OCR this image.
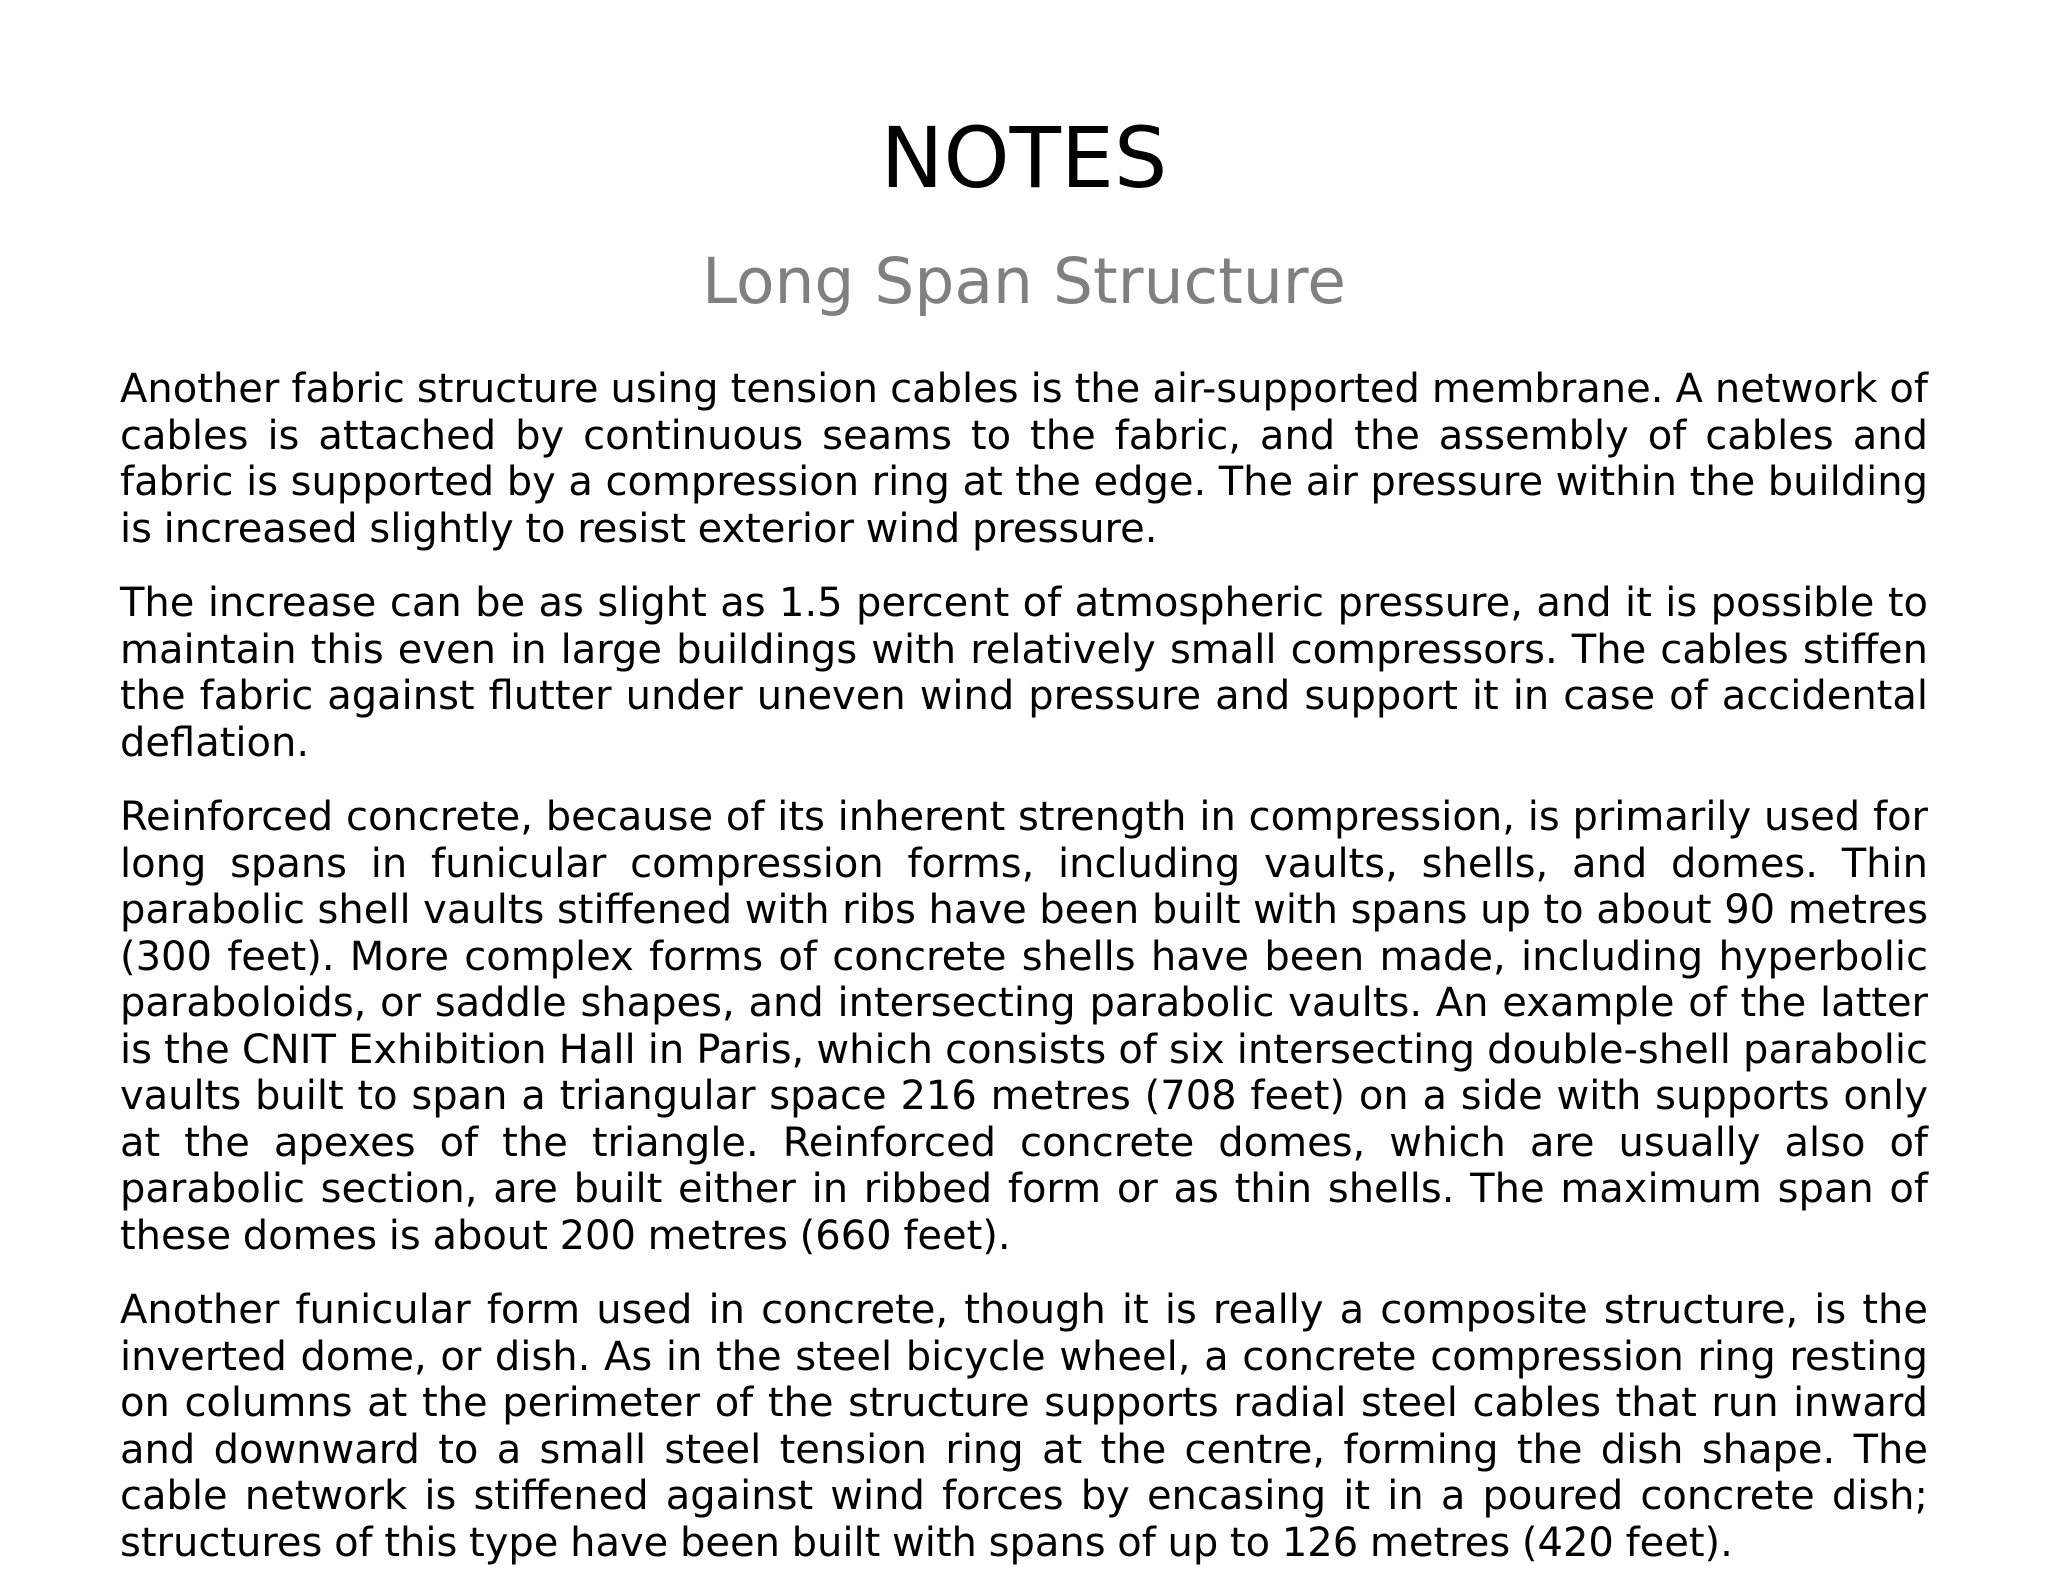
NOTES
Long Span Structure

Another fabric structure using tension cables is the air-supported membrane. A network of cables is attached by continuous seams to the fabric, and the assembly of cables and fabric is supported by a compression ring at the edge. The air pressure within the building is increased slightly to resist exterior wind pressure.

The increase can be as slight as 1.5 percent of atmospheric pressure, and it is possible to maintain this even in large buildings with relatively small compressors. The cables stiffen the fabric against flutter under uneven wind pressure and support it in case of accidental deflation.

Reinforced concrete, because of its inherent strength in compression, is primarily used for long spans in funicular compression forms, including vaults, shells, and domes. Thin parabolic shell vaults stiffened with ribs have been built with spans up to about 90 metres (300 feet). More complex forms of concrete shells have been made, including hyperbolic paraboloids, or saddle shapes, and intersecting parabolic vaults. An example of the latter is the CNIT Exhibition Hall in Paris, which consists of six intersecting double-shell parabolic vaults built to span a triangular space 216 metres (708 feet) on a side with supports only at the apexes of the triangle. Reinforced concrete domes, which are usually also of parabolic section, are built either in ribbed form or as thin shells. The maximum span of these domes is about 200 metres (660 feet).

Another funicular form used in concrete, though it is really a composite structure, is the inverted dome, or dish. As in the steel bicycle wheel, a concrete compression ring resting on columns at the perimeter of the structure supports radial steel cables that run inward and downward to a small steel tension ring at the centre, forming the dish shape. The cable network is stiffened against wind forces by encasing it in a poured concrete dish; structures of this type have been built with spans of up to 126 metres (420 feet).
